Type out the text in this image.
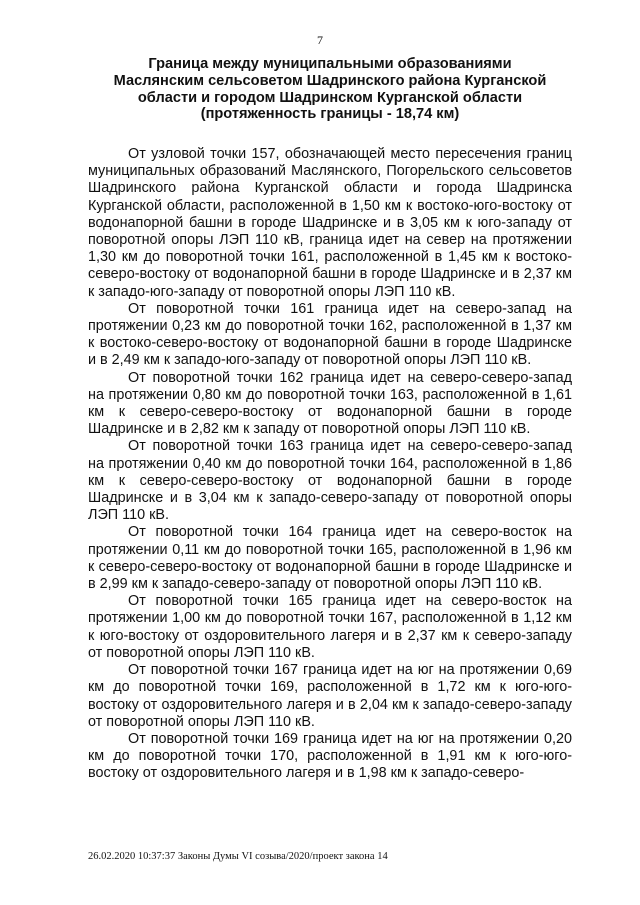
7
Граница между муниципальными образованиями
Маслянским сельсоветом Шадринского района Курганской
области и городом Шадринском Курганской области
(протяженность границы - 18,74 км)

От узловой точки 157, обозначающей место пересечения границ муниципальных образований Маслянского, Погорельского сельсоветов Шадринского района Курганской области и города Шадринска Курганской области, расположенной в 1,50 км к востоко-юго-востоку от водонапорной башни в городе Шадринске и в 3,05 км к юго-западу от поворотной опоры ЛЭП 110 кВ, граница идет на север на протяжении 1,30 км до поворотной точки 161, расположенной в 1,45 км к востоко-северо-востоку от водонапорной башни в городе Шадринске и в 2,37 км к западо-юго-западу от поворотной опоры ЛЭП 110 кВ.

От поворотной точки 161 граница идет на северо-запад на протяжении 0,23 км до поворотной точки 162, расположенной в 1,37 км к востоко-северо-востоку от водонапорной башни в городе Шадринске и в 2,49 км к западо-юго-западу от поворотной опоры ЛЭП 110 кВ.

От поворотной точки 162 граница идет на северо-северо-запад на протяжении 0,80 км до поворотной точки 163, расположенной в 1,61 км к северо-северо-востоку от водонапорной башни в городе Шадринске и в 2,82 км к западу от поворотной опоры ЛЭП 110 кВ.

От поворотной точки 163 граница идет на северо-северо-запад на протяжении 0,40 км до поворотной точки 164, расположенной в 1,86 км к северо-северо-востоку от водонапорной башни в городе Шадринске и в 3,04 км к западо-северо-западу от поворотной опоры ЛЭП 110 кВ.

От поворотной точки 164 граница идет на северо-восток на протяжении 0,11 км до поворотной точки 165, расположенной в 1,96 км к северо-северо-востоку от водонапорной башни в городе Шадринске и в 2,99 км к западо-северо-западу от поворотной опоры ЛЭП 110 кВ.

От поворотной точки 165 граница идет на северо-восток на протяжении 1,00 км до поворотной точки 167, расположенной в 1,12 км к юго-востоку от оздоровительного лагеря и в 2,37 км к северо-западу от поворотной опоры ЛЭП 110 кВ.

От поворотной точки 167 граница идет на юг на протяжении 0,69 км до поворотной точки 169, расположенной в 1,72 км к юго-юго-востоку от оздоровительного лагеря и в 2,04 км к западо-северо-западу от поворотной опоры ЛЭП 110 кВ.

От поворотной точки 169 граница идет на юг на протяжении 0,20 км до поворотной точки 170, расположенной в 1,91 км к юго-юго-востоку от оздоровительного лагеря и в 1,98 км к западо-северо-

26.02.2020 10:37:37 Законы Думы VI созыва/2020/проект закона 14
